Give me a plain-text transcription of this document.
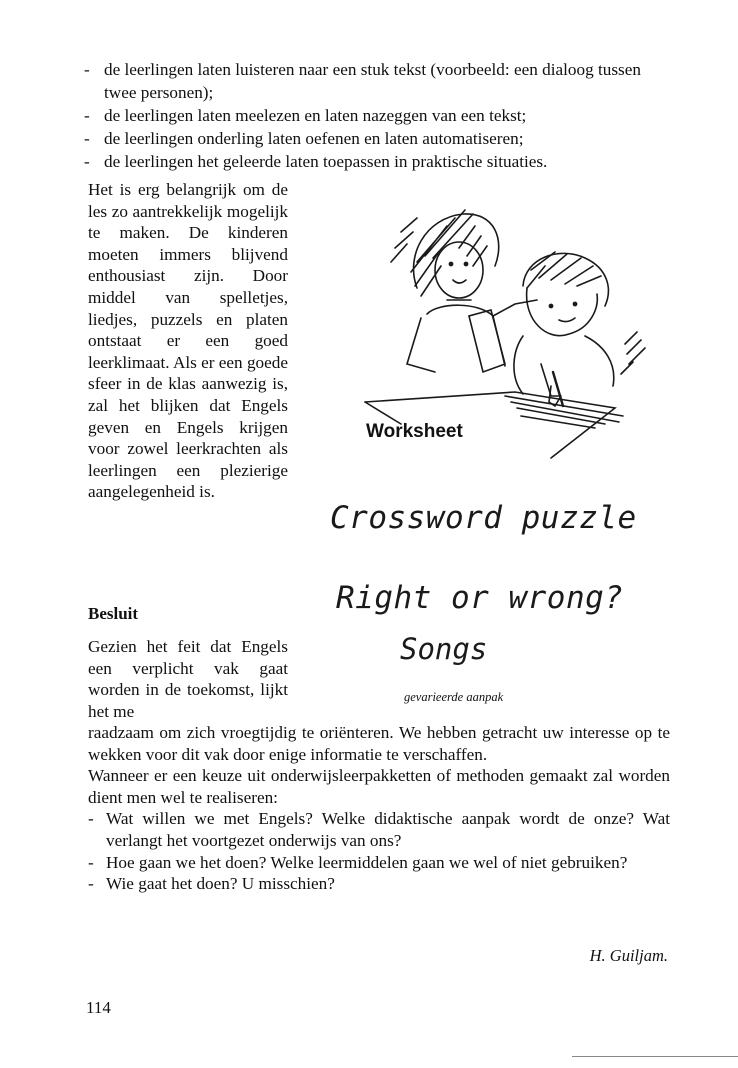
- de leerlingen laten luisteren naar een stuk tekst (voorbeeld: een dialoog tussen twee personen);
- de leerlingen laten meelezen en laten nazeggen van een tekst;
- de leerlingen onderling laten oefenen en laten automatiseren;
- de leerlingen het geleerde laten toepassen in praktische situaties.

Het is erg belangrijk om de les zo aantrekkelijk mogelijk te maken. De kinderen moeten immers blijvend enthousiast zijn. Door middel van spelletjes, liedjes, puzzels en platen ontstaat er een goed leerklimaat. Als er een goede sfeer in de klas aanwezig is, zal het blijken dat Engels geven en Engels krijgen voor zowel leerkrachten als leerlingen een plezierige aangelegenheid is.

Worksheet
Crossword puzzle
Right or wrong?
Songs
gevarieerde aanpak
Besluit

Gezien het feit dat Engels een verplicht vak gaat worden in de toekomst, lijkt het me

raadzaam om zich vroegtijdig te oriënteren. We hebben getracht uw interesse op te wekken voor dit vak door enige informatie te verschaffen.

Wanneer er een keuze uit onderwijsleerpakketten of methoden gemaakt zal worden dient men wel te realiseren:

- Wat willen we met Engels? Welke didaktische aanpak wordt de onze? Wat verlangt het voortgezet onderwijs van ons?
- Hoe gaan we het doen? Welke leermiddelen gaan we wel of niet gebruiken?
- Wie gaat het doen? U misschien?
H. Guiljam.
114
